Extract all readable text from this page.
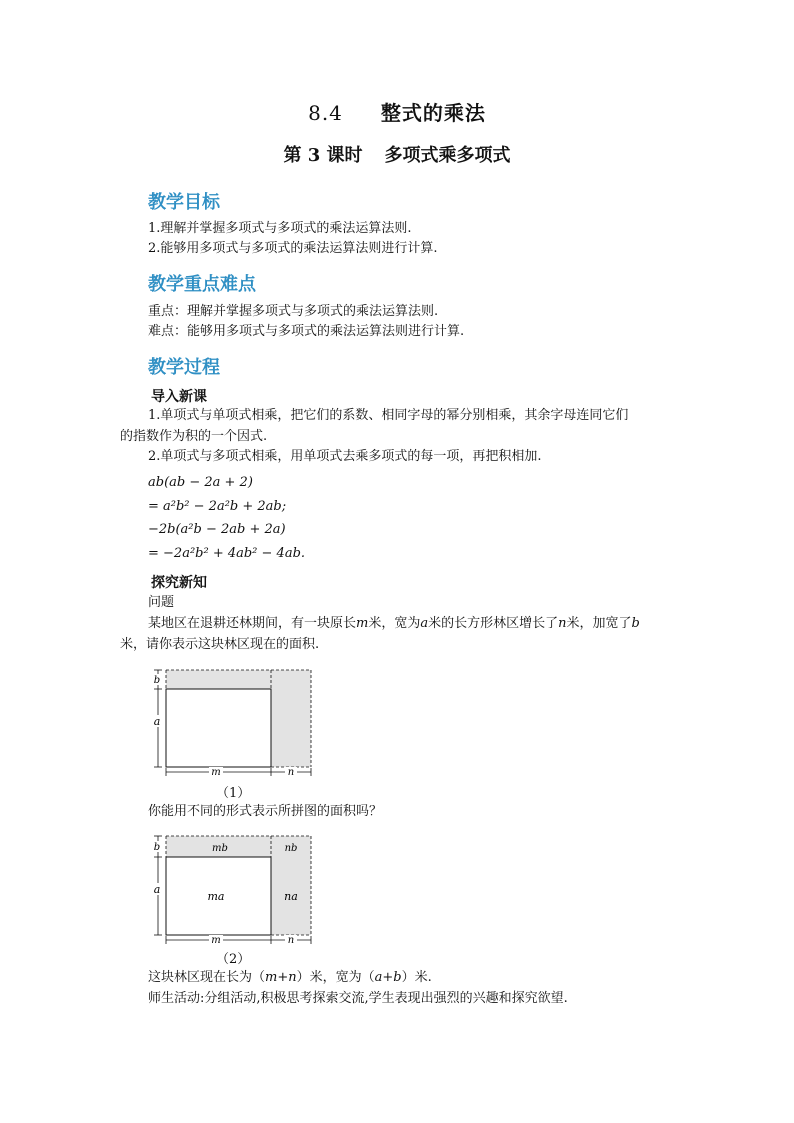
8.4 整式的乘法
第 3 课时 多项式乘多项式
教学目标
1.理解并掌握多项式与多项式的乘法运算法则.
2.能够用多项式与多项式的乘法运算法则进行计算.
教学重点难点
重点：理解并掌握多项式与多项式的乘法运算法则.
难点：能够用多项式与多项式的乘法运算法则进行计算.
教学过程
导入新课
1.单项式与单项式相乘，把它们的系数、相同字母的幂分别相乘，其余字母连同它们
的指数作为积的一个因式.
2.单项式与多项式相乘，用单项式去乘多项式的每一项，再把积相加.
ab(ab − 2a + 2)
= a²b² − 2a²b + 2ab;
−2b(a²b − 2ab + 2a)
= −2a²b² + 4ab² − 4ab.
探究新知
问题
某地区在退耕还林期间，有一块原长m米，宽为a米的长方形林区增长了n米，加宽了b
米，请你表示这块林区现在的面积.
b
a
m	n
（1）
你能用不同的形式表示所拼图的面积吗？
mb	nb
ma	na
b
a
m	n
（2）
这块林区现在长为（m+n）米，宽为（a+b）米.
师生活动:分组活动,积极思考探索交流,学生表现出强烈的兴趣和探究欲望.
